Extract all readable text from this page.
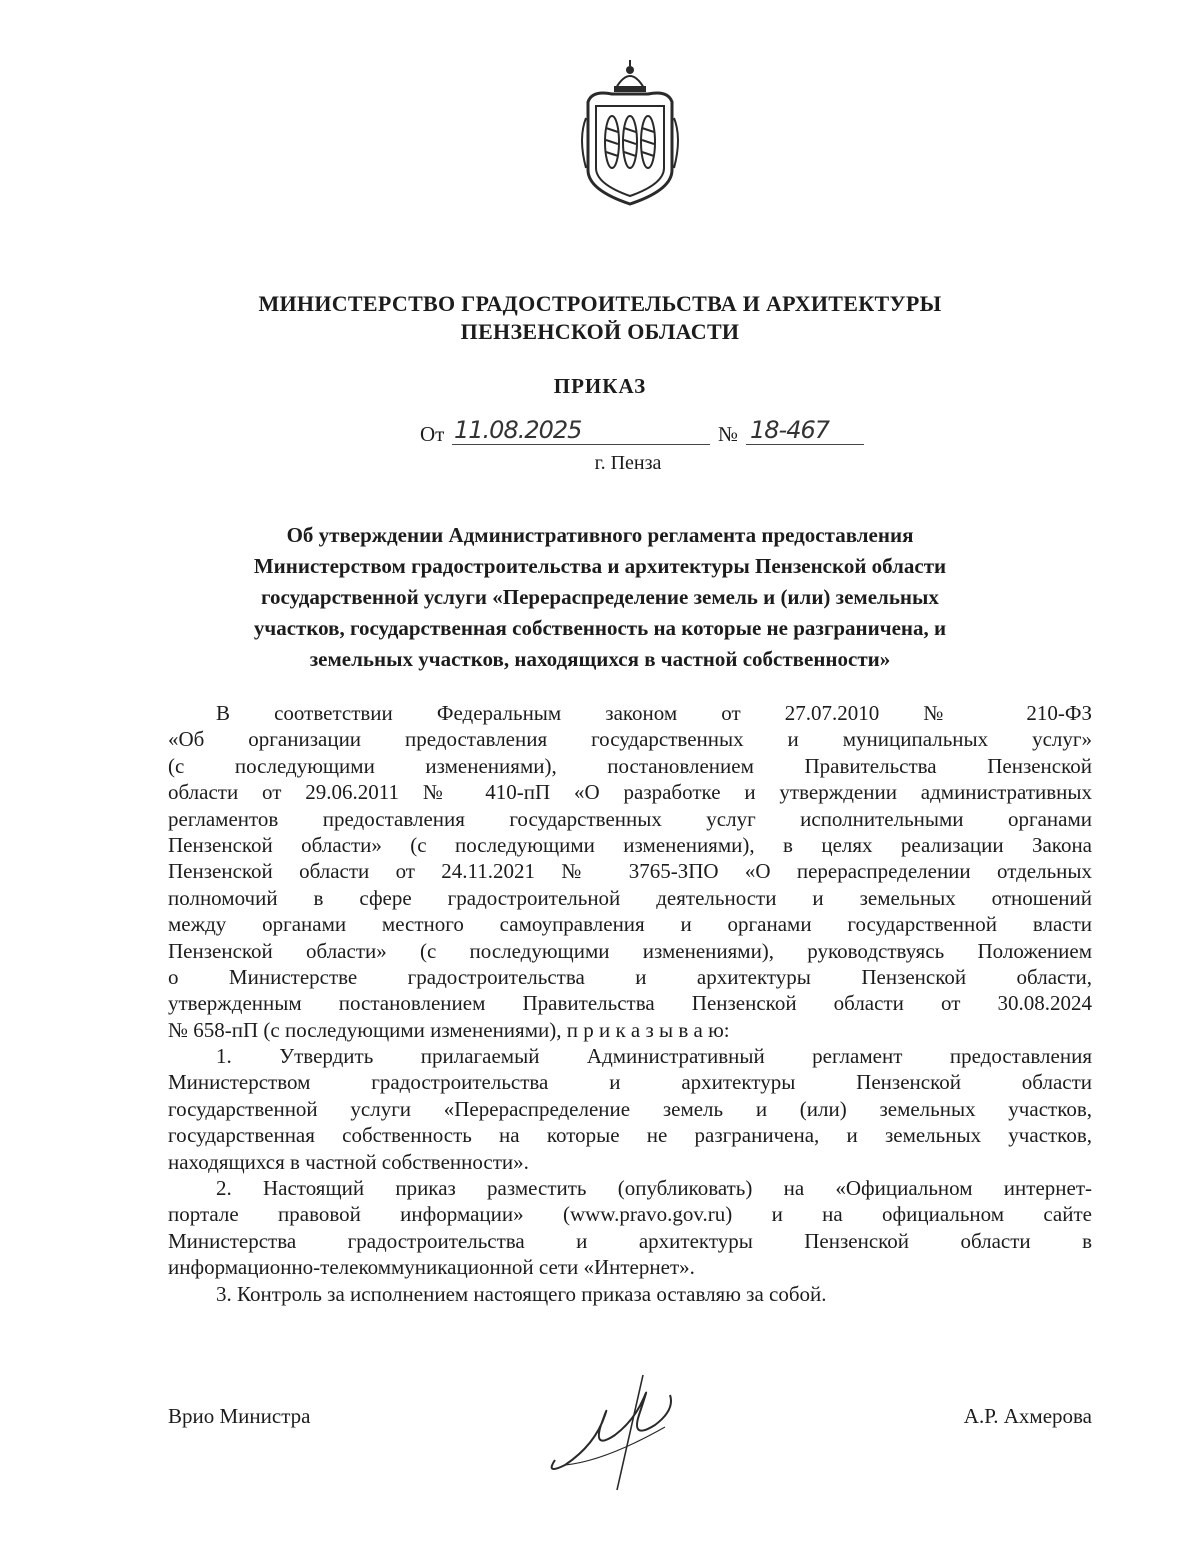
МИНИСТЕРСТВО ГРАДОСТРОИТЕЛЬСТВА И АРХИТЕКТУРЫ
ПЕНЗЕНСКОЙ ОБЛАСТИ
ПРИКАЗ
От 11.08.2025	№ 18-467
г. Пенза
Об утверждении Административного регламента предоставления
Министерством градостроительства и архитектуры Пензенской области
государственной услуги «Перераспределение земель и (или) земельных
участков, государственная собственность на которые не разграничена, и
земельных участков, находящихся в частной собственности»
В соответствии Федеральным законом от 27.07.2010 № 210-ФЗ
«Об организации предоставления государственных и муниципальных услуг»
(с последующими изменениями), постановлением Правительства Пензенской
области от 29.06.2011 № 410-пП «О разработке и утверждении административных
регламентов предоставления государственных услуг исполнительными органами
Пензенской области» (с последующими изменениями), в целях реализации Закона
Пензенской области от 24.11.2021 № 3765-ЗПО «О перераспределении отдельных
полномочий в сфере градостроительной деятельности и земельных отношений
между органами местного самоуправления и органами государственной власти
Пензенской области» (с последующими изменениями), руководствуясь Положением
о Министерстве градостроительства и архитектуры Пензенской области,
утвержденным постановлением Правительства Пензенской области от 30.08.2024
№ 658-пП (с последующими изменениями), п р и к а з ы в а ю:
1. Утвердить прилагаемый Административный регламент предоставления
Министерством градостроительства и архитектуры Пензенской области
государственной услуги «Перераспределение земель и (или) земельных участков,
государственная собственность на которые не разграничена, и земельных участков,
находящихся в частной собственности».
2. Настоящий приказ разместить (опубликовать) на «Официальном интернет-
портале правовой информации» (www.pravo.gov.ru) и на официальном сайте
Министерства градостроительства и архитектуры Пензенской области в
информационно-телекоммуникационной сети «Интернет».
3. Контроль за исполнением настоящего приказа оставляю за собой.
Врио Министра	А.Р. Ахмерова
